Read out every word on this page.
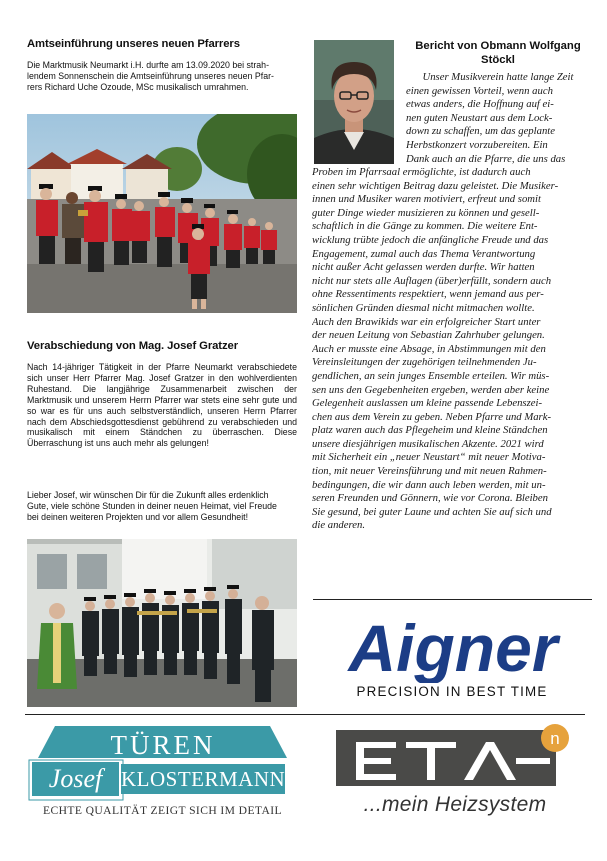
Amtseinführung unseres neuen Pfarrers
Die Marktmusik Neumarkt i.H. durfte am 13.09.2020 bei strah-
lendem Sonnenschein die Amtseinführung unseres neuen Pfar-
rers Richard Uche Ozoude, MSc musikalisch umrahmen.
Verabschiedung von Mag. Josef Gratzer

Nach 14-jähriger Tätigkeit in der Pfarre Neumarkt verabschiedete sich unser Herr Pfarrer Mag. Josef Gratzer in den wohlverdienten Ruhestand. Die langjährige Zusammenarbeit zwischen der Marktmusik und unserem Herrn Pfarrer war stets eine sehr gute und so war es für uns auch selbstverständlich, unseren Herrn Pfarrer nach dem Abschiedsgottesdienst gebührend zu verabschieden und musikalisch mit einem Ständchen zu überraschen. Diese Überraschung ist uns auch mehr als gelungen!

Lieber Josef, wir wünschen Dir für die Zukunft alles erdenklich
Gute, viele schöne Stunden in deiner neuen Heimat, viel Freude
bei deinen weiteren Projekten und vor allem Gesundheit!
Bericht von Obmann Wolfgang
Stöckl
Unser Musikverein hatte lange Zeit
einen gewissen Vorteil, wenn auch
etwas anders, die Hoffnung auf ei-
nen guten Neustart aus dem Lock-
down zu schaffen, um das geplante
Herbstkonzert vorzubereiten. Ein
Dank auch an die Pfarre, die uns das
Proben im Pfarrsaal ermöglichte, ist dadurch auch
einen sehr wichtigen Beitrag dazu geleistet. Die Musiker-
innen und Musiker waren motiviert, erfreut und somit
guter Dinge wieder musizieren zu können und gesell-
schaftlich in die Gänge zu kommen. Die weitere Ent-
wicklung trübte jedoch die anfängliche Freude und das
Engagement, zumal auch das Thema Verantwortung
nicht außer Acht gelassen werden durfte. Wir hatten
nicht nur stets alle Auflagen (über)erfüllt, sondern auch
ohne Ressentiments respektiert, wenn jemand aus per-
sönlichen Gründen diesmal nicht mitmachen wollte.
Auch den Brawikids war ein erfolgreicher Start unter
der neuen Leitung von Sebastian Zahrhuber gelungen.
Auch er musste eine Absage, in Abstimmungen mit den
Vereinsleitungen der zugehörigen teilnehmenden Ju-
gendlichen, an sein junges Ensemble erteilen. Wir müs-
sen uns den Gegebenheiten ergeben, werden aber keine
Gelegenheit auslassen um kleine passende Lebenszei-
chen aus dem Verein zu geben. Neben Pfarre und Mark-
platz waren auch das Pflegeheim und kleine Ständchen
unsere diesjährigen musikalischen Akzente. 2021 wird
mit Sicherheit ein „neuer Neustart“ mit neuer Motiva-
tion, mit neuer Vereinsführung und mit neuen Rahmen-
bedingungen, die wir dann auch leben werden, mit un-
seren Freunden und Gönnern, wie vor Corona. Bleiben
Sie gesund, bei guter Laune und achten Sie auf sich und
die anderen.
Aigner
PRECISION IN BEST TIME
TÜREN
Josef KLOSTERMANN
ECHTE QUALITÄT ZEIGT SICH IM DETAIL
n
...mein Heizsystem
